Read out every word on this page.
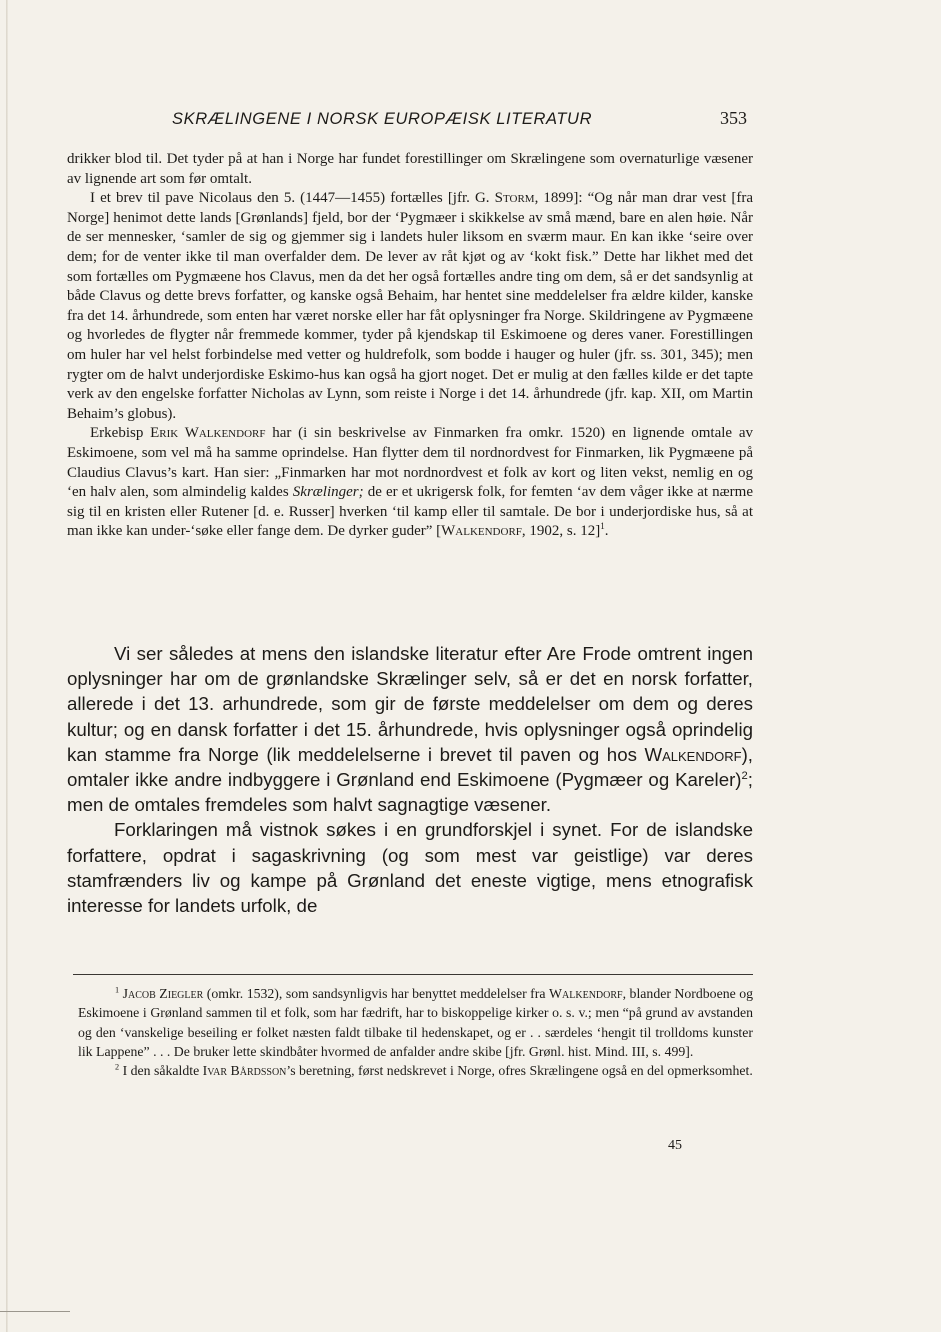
SKRÆLINGENE I NORSK EUROPÆISK LITERATUR	353

drikker blod til. Det tyder på at han i Norge har fundet forestillinger om Skrælingene som overnaturlige væsener av lignende art som før omtalt.

I et brev til pave Nicolaus den 5. (1447—1455) fortælles [jfr. G. Storm, 1899]: “Og når man drar vest [fra Norge] henimot dette lands [Grønlands] fjeld, bor der ‘Pygmæer i skikkelse av små mænd, bare en alen høie. Når de ser mennesker, ‘samler de sig og gjemmer sig i landets huler liksom en sværm maur. En kan ikke ‘seire over dem; for de venter ikke til man overfalder dem. De lever av råt kjøt og av ‘kokt fisk.” Dette har likhet med det som fortælles om Pygmæene hos Clavus, men da det her også fortælles andre ting om dem, så er det sandsynlig at både Clavus og dette brevs forfatter, og kanske også Behaim, har hentet sine meddelelser fra ældre kilder, kanske fra det 14. århundrede, som enten har været norske eller har fåt oplysninger fra Norge. Skildringene av Pygmæene og hvorledes de flygter når fremmede kommer, tyder på kjendskap til Eskimoene og deres vaner. Forestillingen om huler har vel helst forbindelse med vetter og huldrefolk, som bodde i hauger og huler (jfr. ss. 301, 345); men rygter om de halvt underjordiske Eskimo-hus kan også ha gjort noget. Det er mulig at den fælles kilde er det tapte verk av den engelske forfatter Nicholas av Lynn, som reiste i Norge i det 14. århundrede (jfr. kap. XII, om Martin Behaim’s globus).

Erkebisp Erik Walkendorf har (i sin beskrivelse av Finmarken fra omkr. 1520) en lignende omtale av Eskimoene, som vel må ha samme oprindelse. Han flytter dem til nordnordvest for Finmarken, lik Pygmæene på Claudius Clavus’s kart. Han sier: „Finmarken har mot nordnordvest et folk av kort og liten vekst, nemlig en og ‘en halv alen, som almindelig kaldes Skrælinger; de er et ukrigersk folk, for femten ‘av dem våger ikke at nærme sig til en kristen eller Rutener [d. e. Russer] hverken ‘til kamp eller til samtale. De bor i underjordiske hus, så at man ikke kan under-‘søke eller fange dem. De dyrker guder” [Walkendorf, 1902, s. 12]$^1$.

Vi ser således at mens den islandske literatur efter Are Frode omtrent ingen oplysninger har om de grønlandske Skrælinger selv, så er det en norsk forfatter, allerede i det 13. arhundrede, som gir de første meddelelser om dem og deres kultur; og en dansk forfatter i det 15. århundrede, hvis oplysninger også oprindelig kan stamme fra Norge (lik meddelelserne i brevet til paven og hos Walkendorf), omtaler ikke andre indbyggere i Grønland end Eskimoene (Pygmæer og Kareler)$^2$; men de omtales fremdeles som halvt sagnagtige væsener.

Forklaringen må vistnok søkes i en grundforskjel i synet. For de islandske forfattere, opdrat i sagaskrivning (og som mest var geistlige) var deres stamfrænders liv og kampe på Grønland det eneste vigtige, mens etnografisk interesse for landets urfolk, de

$^1$ Jacob Ziegler (omkr. 1532), som sandsynligvis har benyttet meddelelser fra Walkendorf, blander Nordboene og Eskimoene i Grønland sammen til et folk, som har fædrift, har to biskoppelige kirker o. s. v.; men “på grund av avstanden og den ‘vanskelige beseiling er folket næsten faldt tilbake til hedenskapet, og er . . særdeles ‘hengit til trolldoms kunster lik Lappene” . . . De bruker lette skindbåter hvormed de anfalder andre skibe [jfr. Grønl. hist. Mind. III, s. 499].

$^2$ I den såkaldte Ivar Bårdsson’s beretning, først nedskrevet i Norge, ofres Skrælingene også en del opmerksomhet.

45
